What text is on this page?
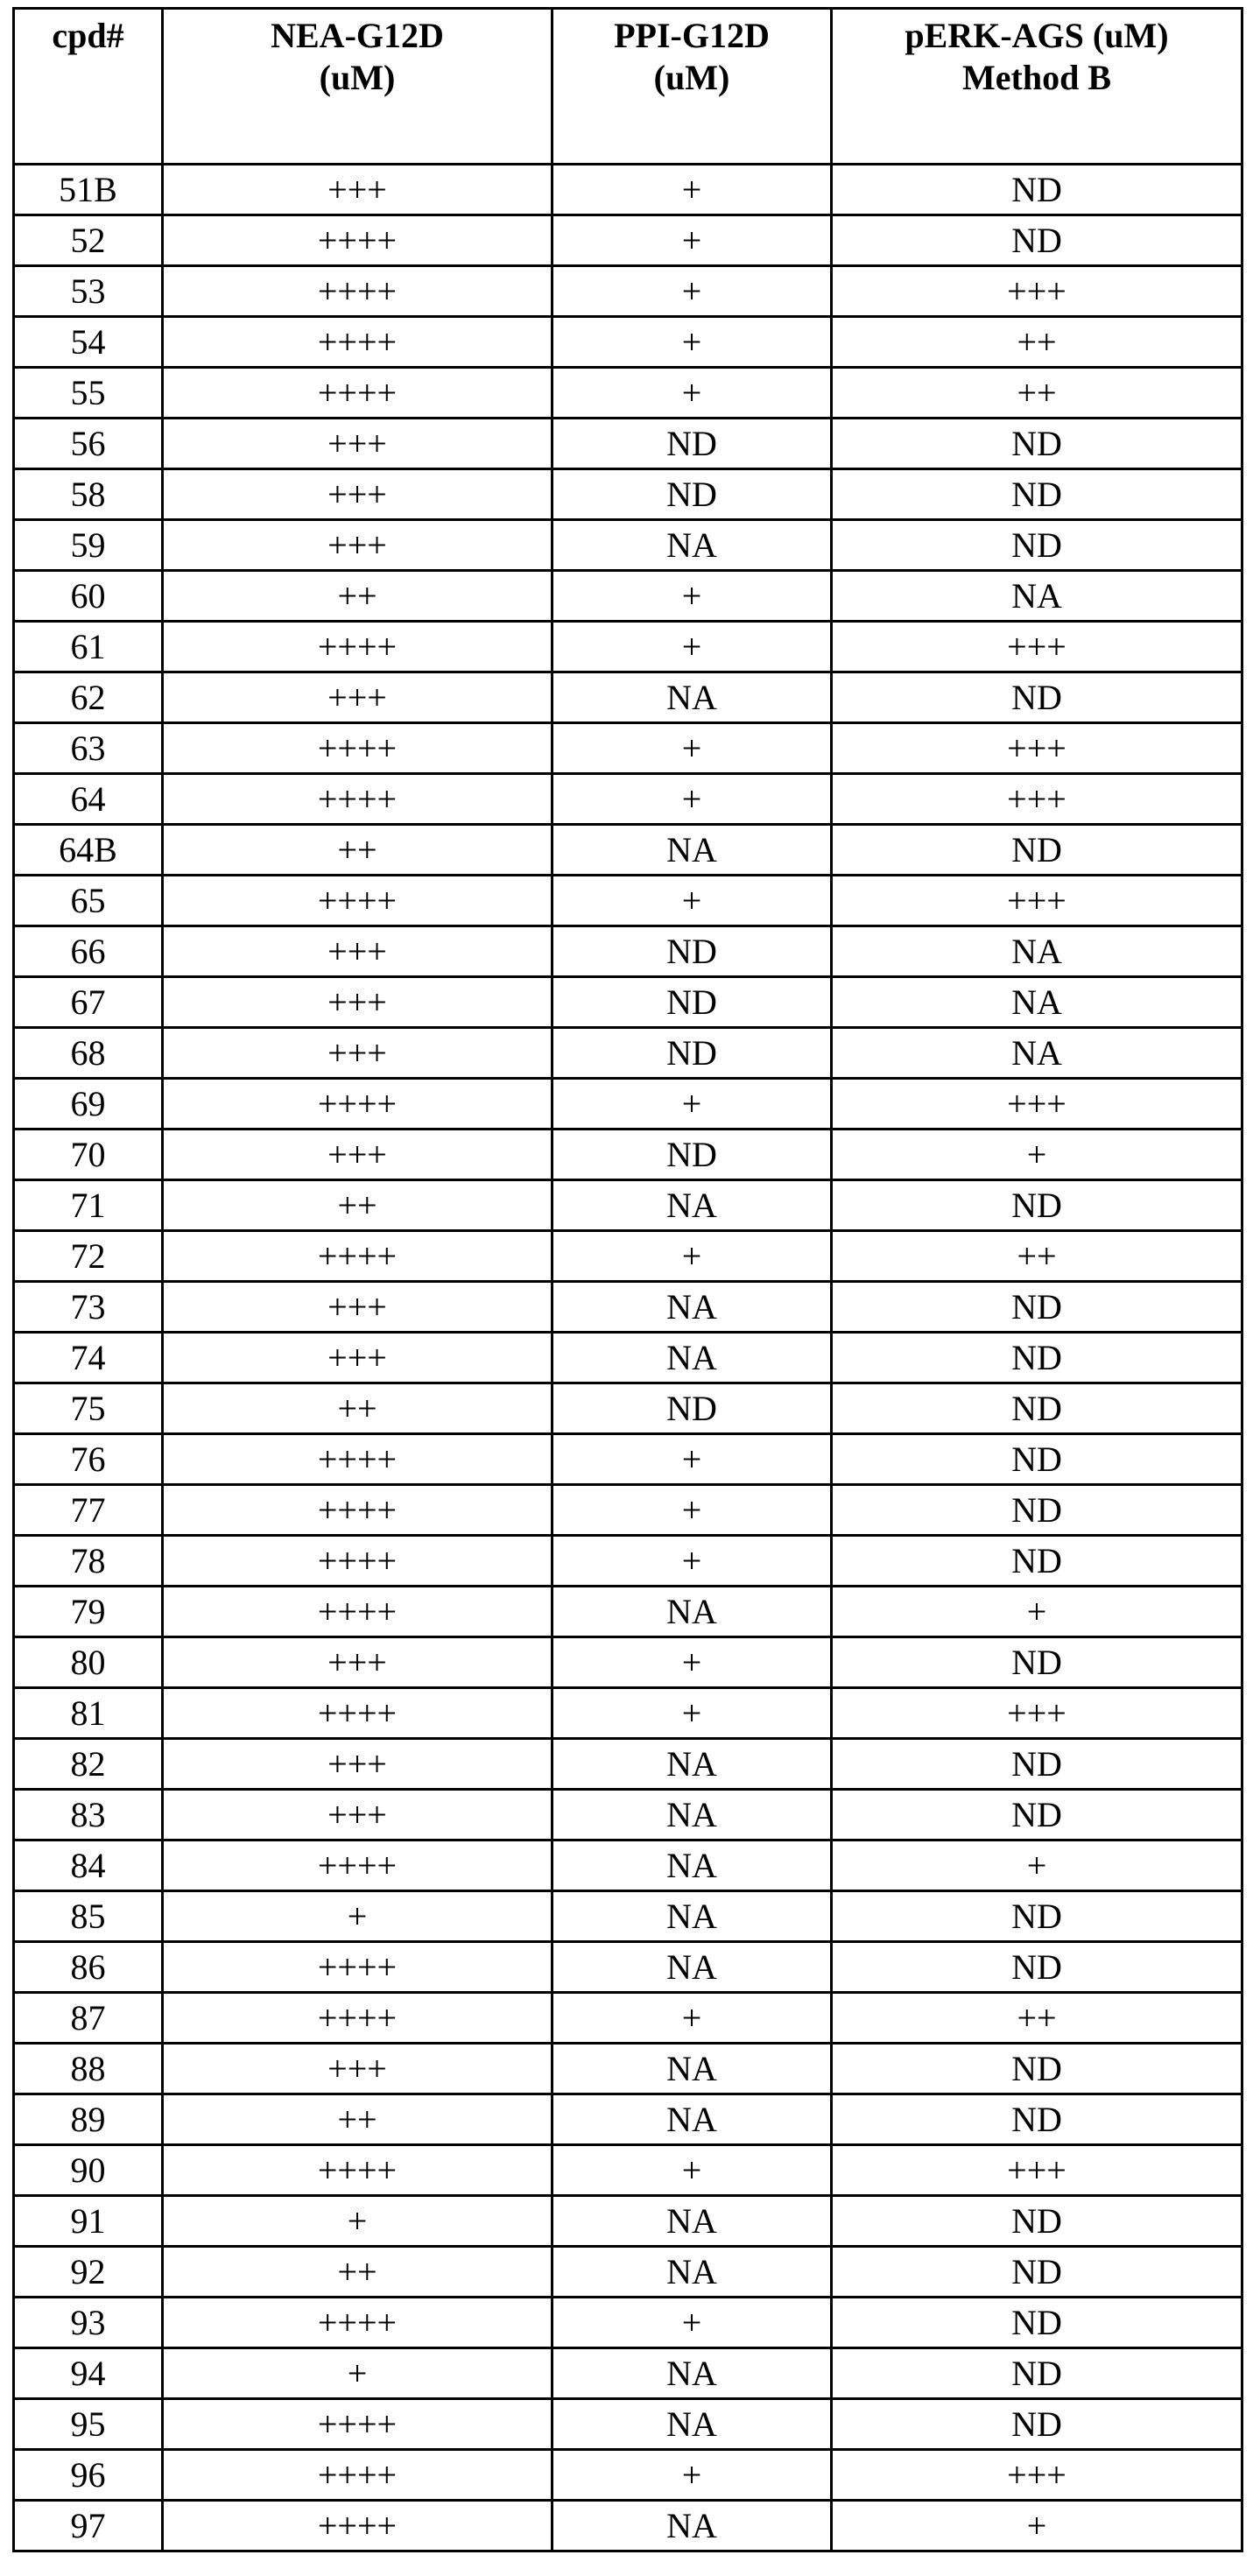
cpd#	NEA-G12D
(uM)

PPI-G12D
(uM)

pERK-AGS (uM)
Method B

51B	+++	+	ND
52	++++	+	ND
53	++++	+	+++
54	++++	+	++
55	++++	+	++
56	+++	ND	ND
58	+++	ND	ND
59	+++	NA	ND
60	++	+	NA
61	++++	+	+++
62	+++	NA	ND
63	++++	+	+++
64	++++	+	+++
64B	++	NA	ND
65	++++	+	+++
66	+++	ND	NA
67	+++	ND	NA
68	+++	ND	NA
69	++++	+	+++
70	+++	ND	+
71	++	NA	ND
72	++++	+	++
73	+++	NA	ND
74	+++	NA	ND
75	++	ND	ND
76	++++	+	ND
77	++++	+	ND
78	++++	+	ND
79	++++	NA	+
80	+++	+	ND
81	++++	+	+++
82	+++	NA	ND
83	+++	NA	ND
84	++++	NA	+
85	+	NA	ND
86	++++	NA	ND
87	++++	+	++
88	+++	NA	ND
89	++	NA	ND
90	++++	+	+++
91	+	NA	ND
92	++	NA	ND
93	++++	+	ND
94	+	NA	ND
95	++++	NA	ND
96	++++	+	+++
97	++++	NA	+
